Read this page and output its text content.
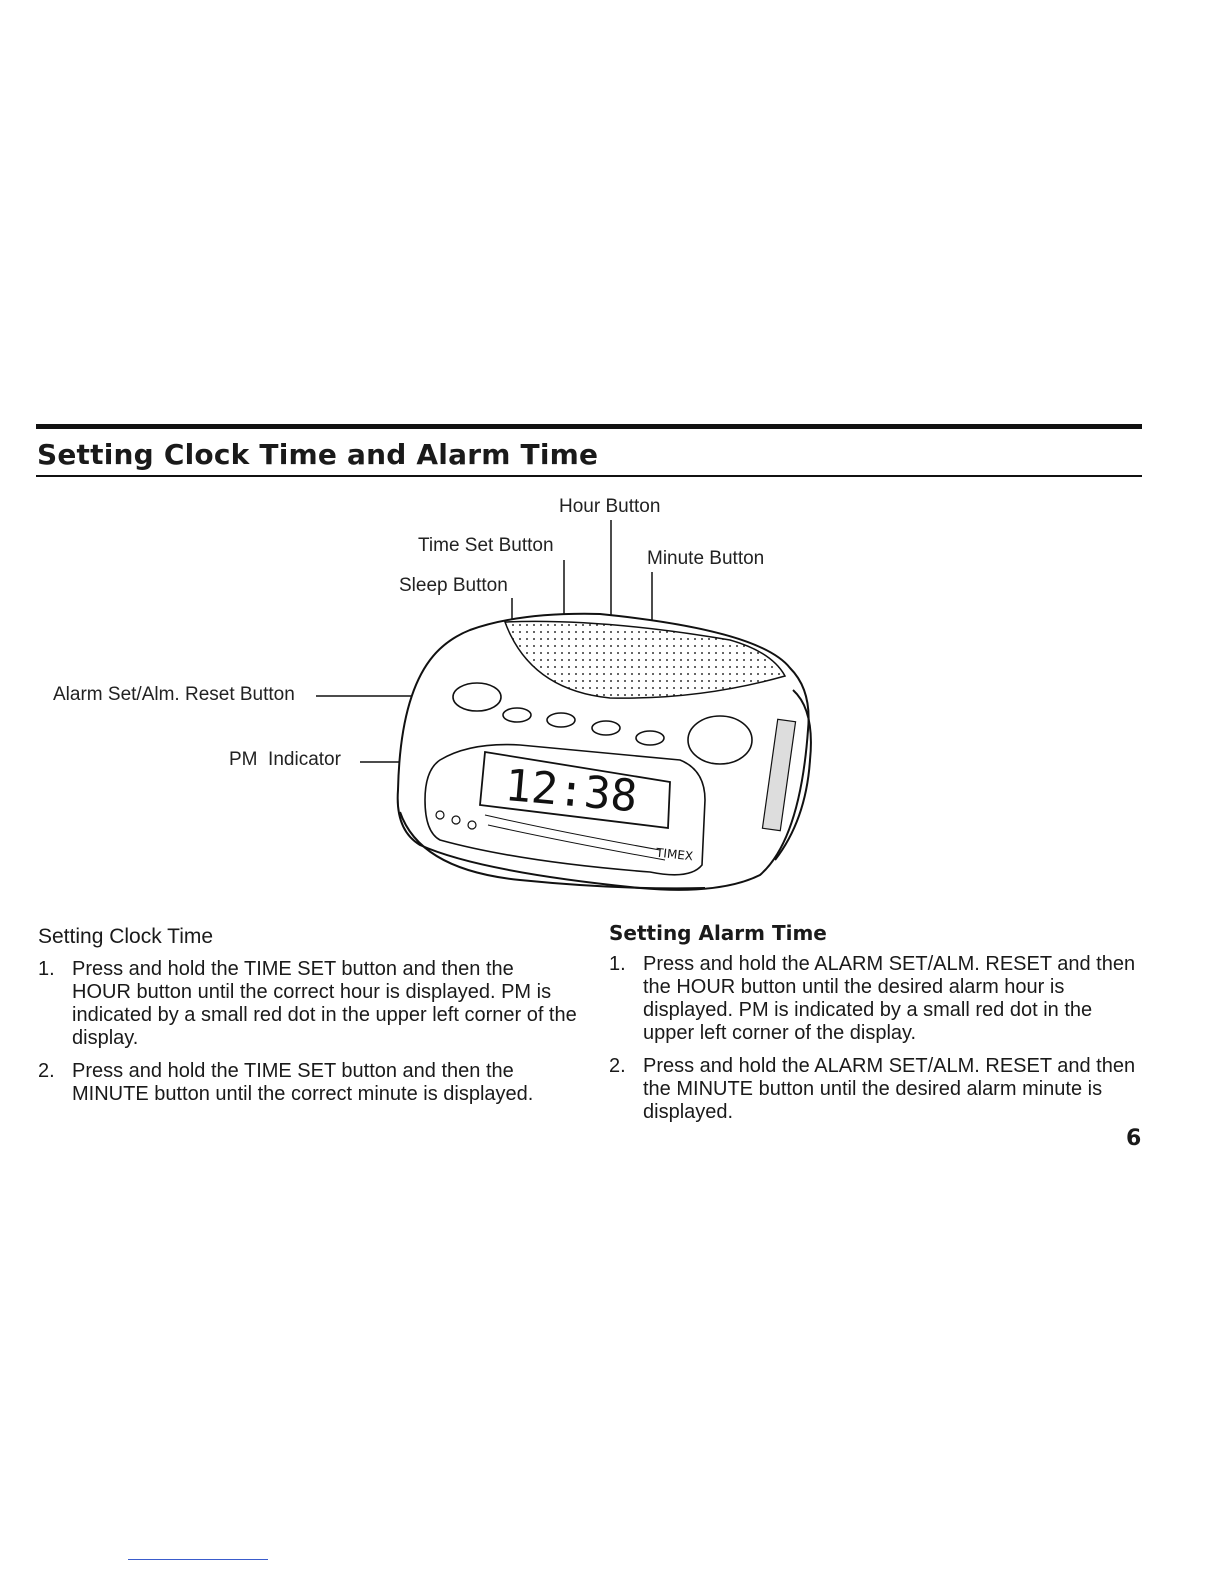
Setting Clock Time and Alarm Time
Hour Button
Time Set Button
Minute Button
Sleep Button
Alarm Set/Alm. Reset Button
PM  Indicator
12:38
TIMEX
Setting Clock Time
1. Press and hold the TIME SET button and then the HOUR button until the correct hour is displayed. PM is indicated by a small red dot in the upper left corner of the display.
2. Press and hold the TIME SET button and then the MINUTE button until the correct minute is displayed.
Setting Alarm Time
1. Press and hold the ALARM SET/ALM. RESET and then the HOUR button until the desired alarm hour is displayed. PM is indicated by a small red dot in the upper left corner of the display.
2. Press and hold the ALARM SET/ALM. RESET and then the MINUTE button until the desired alarm minute is displayed.
6
